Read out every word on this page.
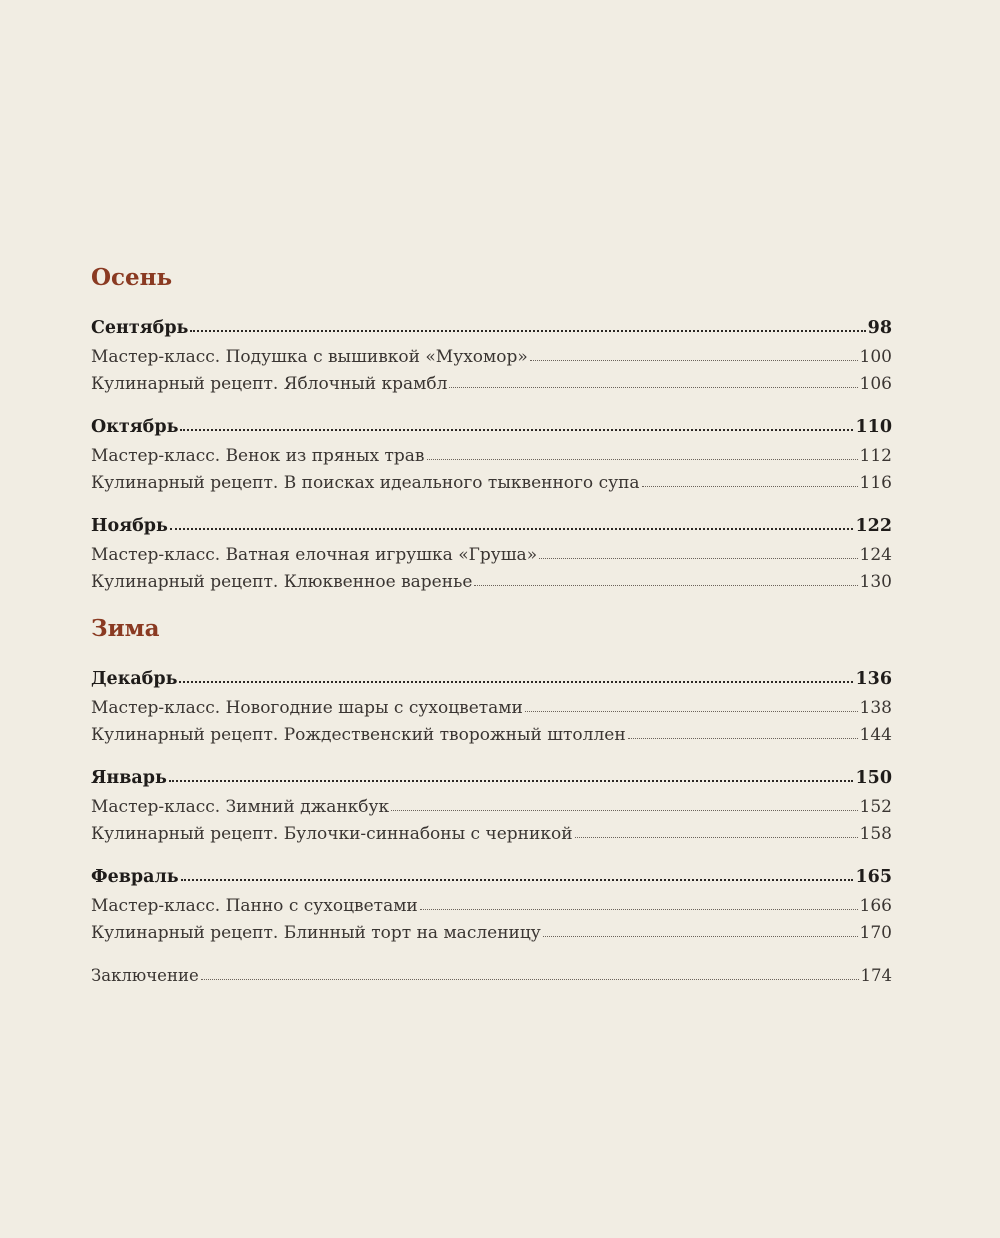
Осень
Сентябрь	98
Мастер-класс. Подушка с вышивкой «Мухомор»	100
Кулинарный рецепт. Яблочный крамбл	106
Октябрь	110
Мастер-класс. Венок из пряных трав	112
Кулинарный рецепт. В поисках идеального тыквенного супа	116
Ноябрь	122
Мастер-класс. Ватная елочная игрушка «Груша»	124
Кулинарный рецепт. Клюквенное варенье	130
Зима
Декабрь	136
Мастер-класс. Новогодние шары с сухоцветами	138
Кулинарный рецепт. Рождественский творожный штоллен	144
Январь	150
Мастер-класс. Зимний джанкбук	152
Кулинарный рецепт. Булочки-синнабоны с черникой	158
Февраль	165
Мастер-класс. Панно с сухоцветами	166
Кулинарный рецепт. Блинный торт на масленицу	170
Заключение	174
